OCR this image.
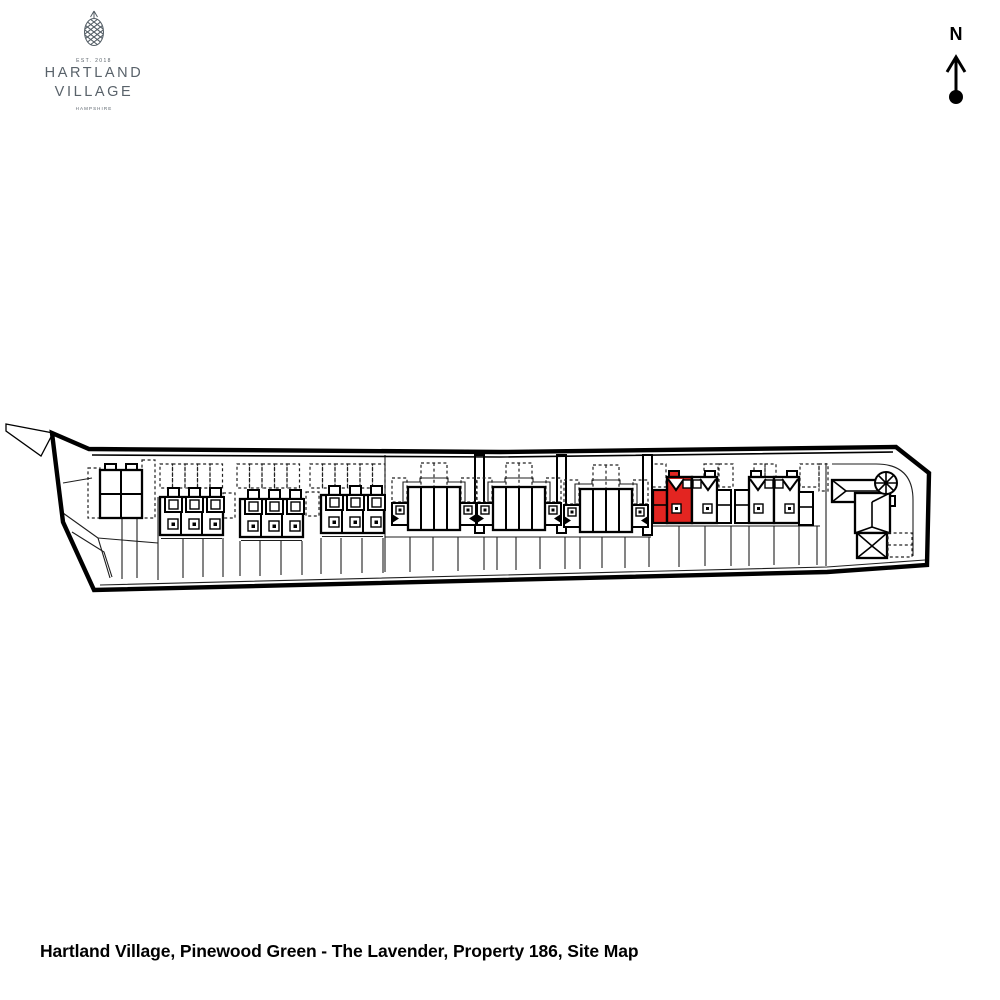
EST. 2018
HARTLAND
VILLAGE
HAMPSHIRE
N
Hartland Village, Pinewood Green - The Lavender, Property 186, Site Map
